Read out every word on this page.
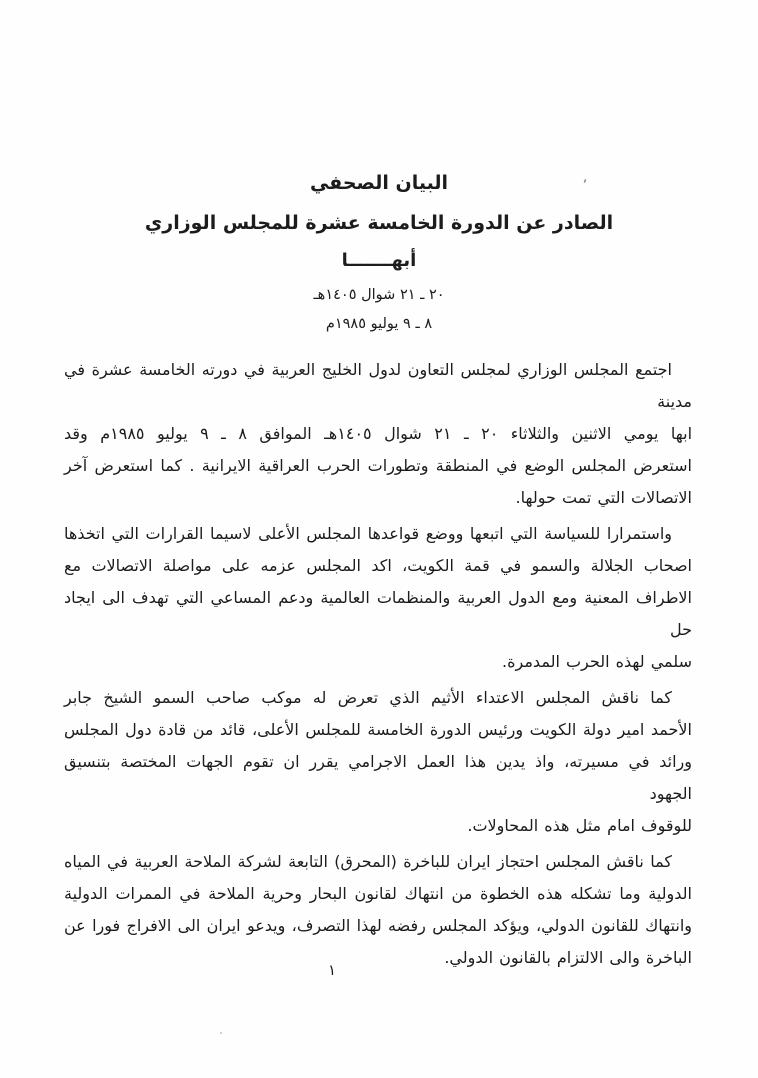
البيان الصحفي
الصادر عن الدورة الخامسة عشرة للمجلس الوزاري
أبهـــــــا
٢٠ ـ ٢١ شوال ١٤٠٥هـ
٨ ـ ٩ يوليو ١٩٨٥م

اجتمع المجلس الوزاري لمجلس التعاون لدول الخليج العربية في دورته الخامسة عشرة في مدينة
ابها يومي الاثنين والثلاثاء ٢٠ ـ ٢١ شوال ١٤٠٥هـ الموافق ٨ ـ ٩ يوليو ١٩٨٥م وقد
استعرض المجلس الوضع في المنطقة وتطورات الحرب العراقية الايرانية . كما استعرض آخر
الاتصالات التي تمت حولها.

واستمرارا للسياسة التي اتبعها ووضع قواعدها المجلس الأعلى لاسيما القرارات التي اتخذها
اصحاب الجلالة والسمو في قمة الكويت، اكد المجلس عزمه على مواصلة الاتصالات مع
الاطراف المعنية ومع الدول العربية والمنظمات العالمية ودعم المساعي التي تهدف الى ايجاد حل
سلمي لهذه الحرب المدمرة.

كما ناقش المجلس الاعتداء الأثيم الذي تعرض له موكب صاحب السمو الشيخ جابر
الأحمد امير دولة الكويت ورئيس الدورة الخامسة للمجلس الأعلى، قائد من قادة دول المجلس
ورائد في مسيرته، واذ يدين هذا العمل الاجرامي يقرر ان تقوم الجهات المختصة بتنسيق الجهود
للوقوف امام مثل هذه المحاولات.

كما ناقش المجلس احتجاز ايران للباخرة (المحرق) التابعة لشركة الملاحة العربية في المياه
الدولية وما تشكله هذه الخطوة من انتهاك لقانون البحار وحرية الملاحة في الممرات الدولية
وانتهاك للقانون الدولي، ويؤكد المجلس رفضه لهذا التصرف، ويدعو ايران الى الافراج فورا عن
الباخرة والى الالتزام بالقانون الدولي.

١
